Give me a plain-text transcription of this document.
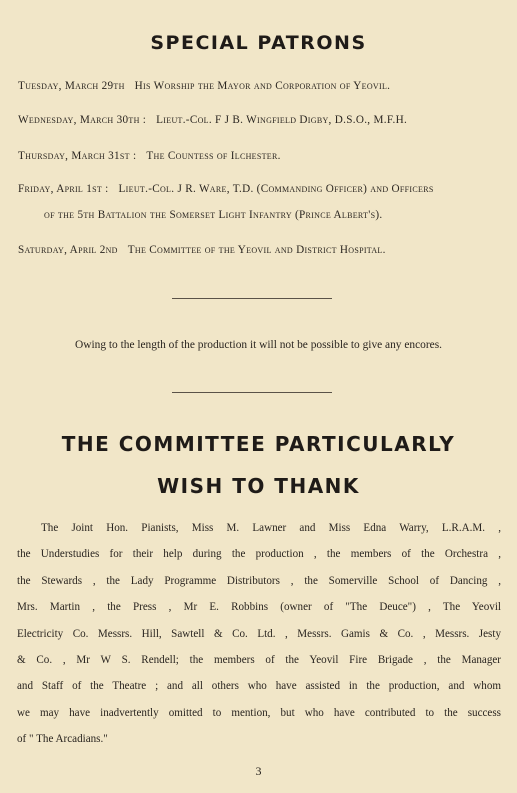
SPECIAL PATRONS

Tuesday, March 29th His Worship the Mayor and Corporation of Yeovil.

Wednesday, March 30th : Lieut.-Col. F J B. Wingfield Digby, D.S.O., M.F.H.

Thursday, March 31st : The Countess of Ilchester.

Friday, April 1st : Lieut.-Col. J R. Ware, T.D. (Commanding Officer) and Officers

of the 5th Battalion the Somerset Light Infantry (Prince Albert's).

Saturday, April 2nd The Committee of the Yeovil and District Hospital.

Owing to the length of the production it will not be possible to give any encores.

THE COMMITTEE PARTICULARLY
WISH TO THANK

The Joint Hon. Pianists, Miss M. Lawner and Miss Edna Warry, L.R.A.M. ,
the Understudies for their help during the production , the members of the Orchestra ,
the Stewards , the Lady Programme Distributors , the Somerville School of Dancing ,
Mrs. Martin , the Press , Mr E. Robbins (owner of "The Deuce") , The Yeovil
Electricity Co. Messrs. Hill, Sawtell & Co. Ltd. , Messrs. Gamis & Co. , Messrs. Jesty
& Co. , Mr W S. Rendell; the members of the Yeovil Fire Brigade , the Manager
and Staff of the Theatre ; and all others who have assisted in the production, and whom
we may have inadvertently omitted to mention, but who have contributed to the success
of " The Arcadians."

3
